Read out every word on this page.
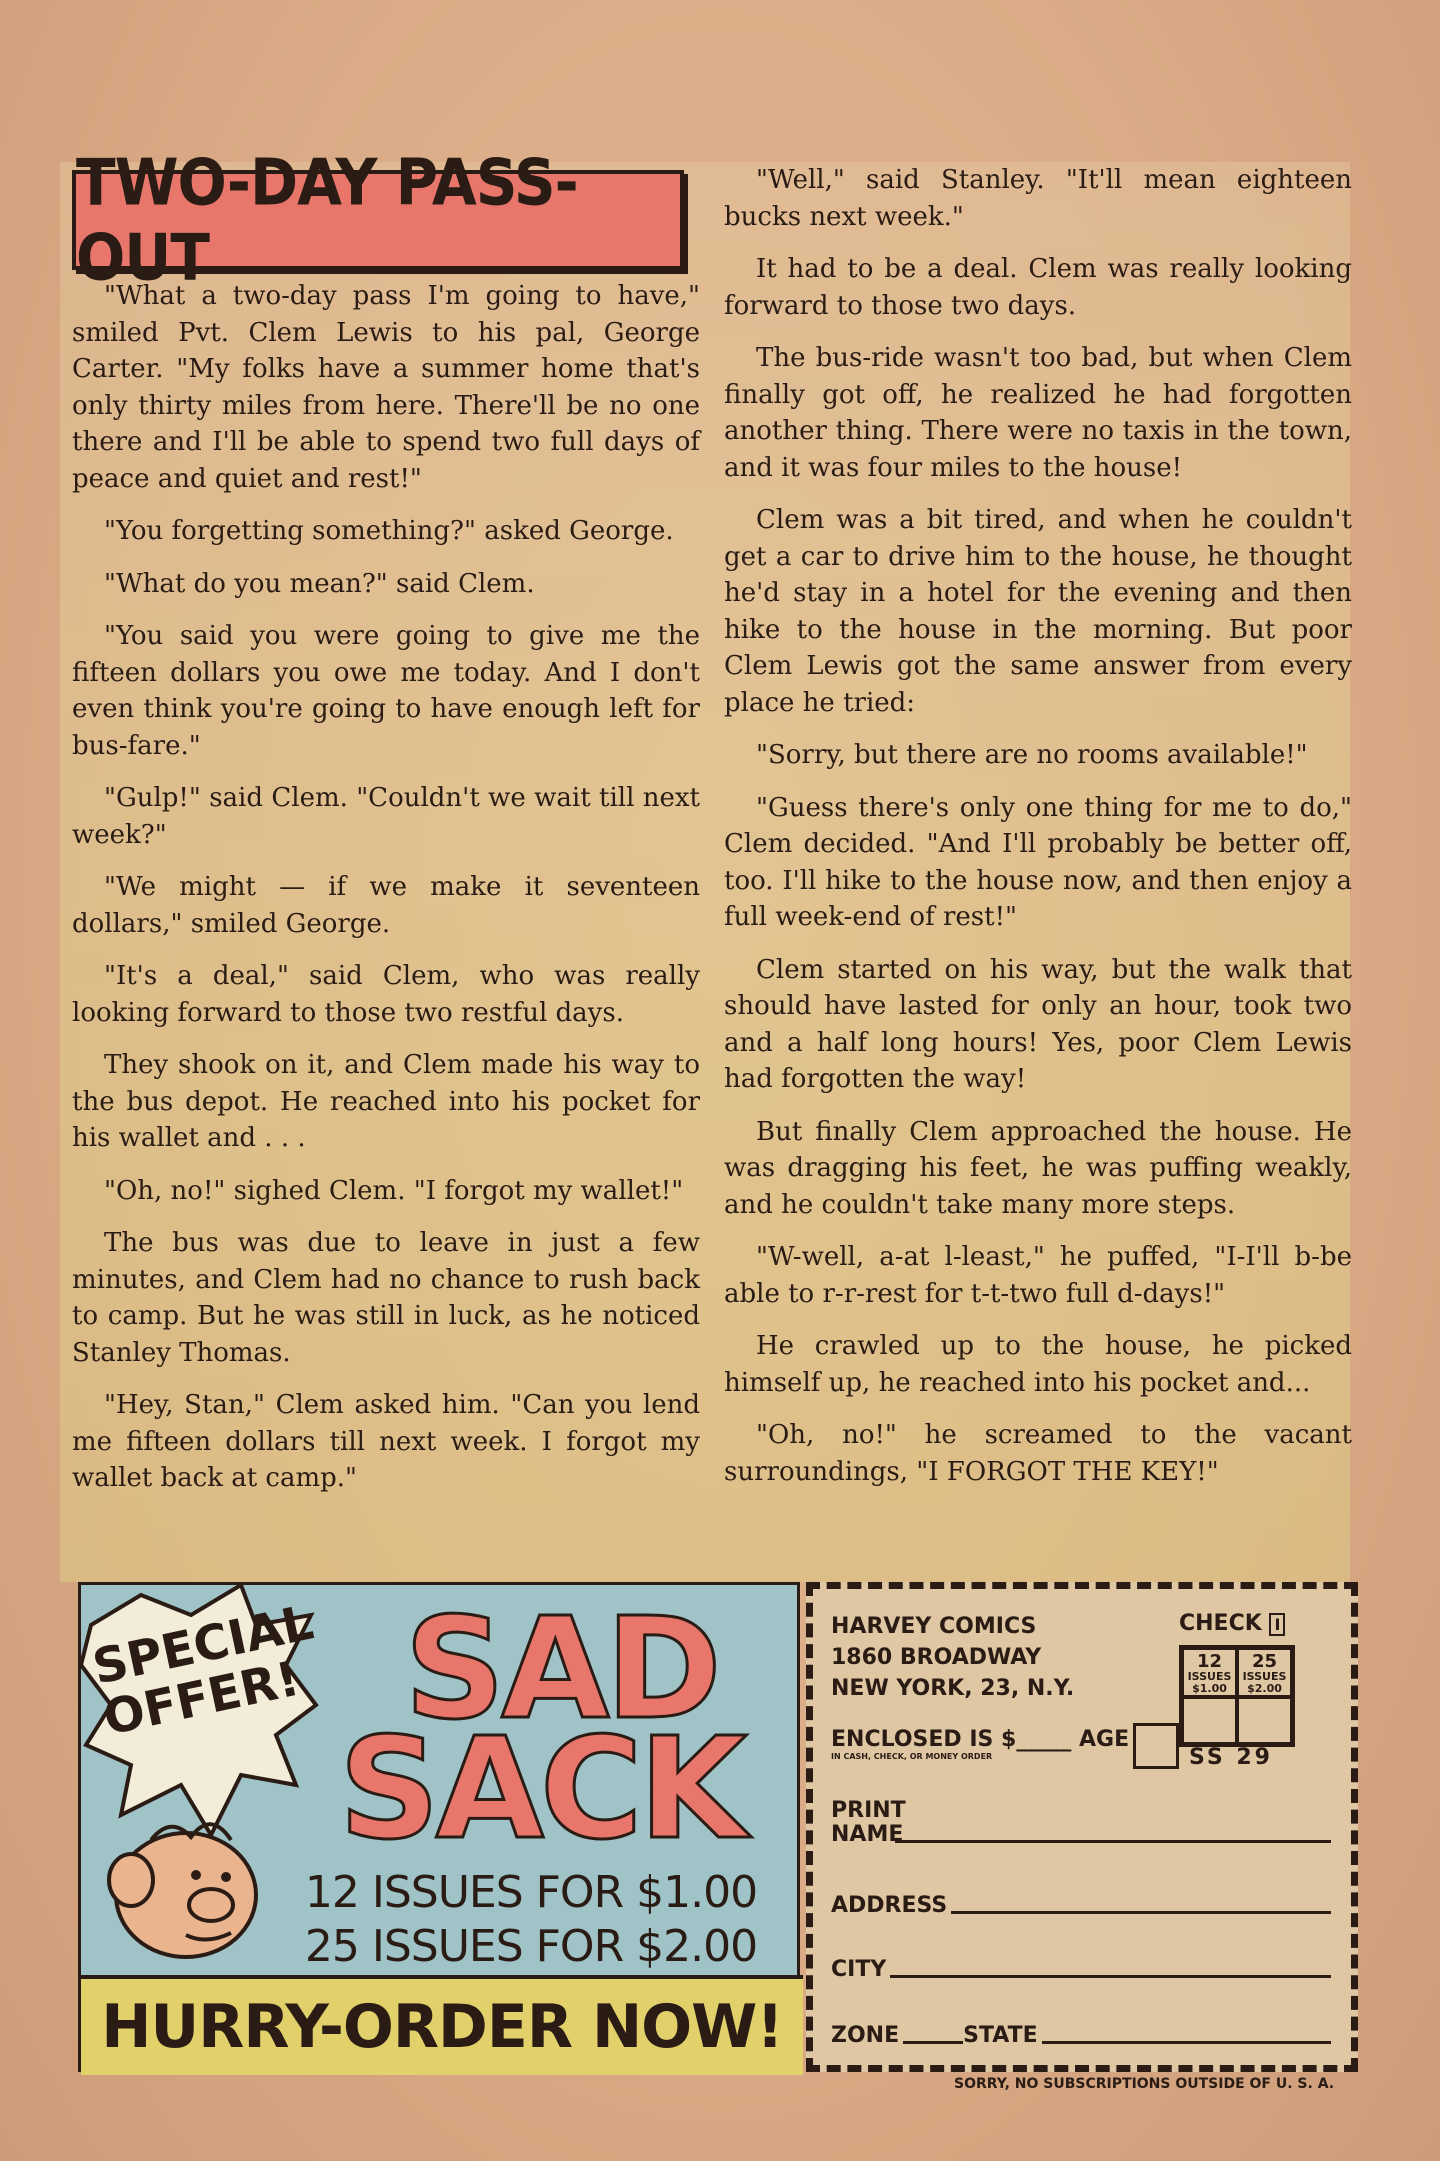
TWO-DAY PASS-OUT

"What a two-day pass I'm going to have," smiled Pvt. Clem Lewis to his pal, George Carter. "My folks have a summer home that's only thirty miles from here. There'll be no one there and I'll be able to spend two full days of peace and quiet and rest!"

"You forgetting something?" asked George.

"What do you mean?" said Clem.

"You said you were going to give me the fifteen dollars you owe me today. And I don't even think you're going to have enough left for bus-fare."

"Gulp!" said Clem. "Couldn't we wait till next week?"

"We might — if we make it seventeen dollars," smiled George.

"It's a deal," said Clem, who was really looking forward to those two restful days.

They shook on it, and Clem made his way to the bus depot. He reached into his pocket for his wallet and . . .

"Oh, no!" sighed Clem. "I forgot my wallet!"

The bus was due to leave in just a few minutes, and Clem had no chance to rush back to camp. But he was still in luck, as he noticed Stanley Thomas.

"Hey, Stan," Clem asked him. "Can you lend me fifteen dollars till next week. I forgot my wallet back at camp."

"Well," said Stanley. "It'll mean eighteen bucks next week."

It had to be a deal. Clem was really looking forward to those two days.

The bus-ride wasn't too bad, but when Clem finally got off, he realized he had forgotten another thing. There were no taxis in the town, and it was four miles to the house!

Clem was a bit tired, and when he couldn't get a car to drive him to the house, he thought he'd stay in a hotel for the evening and then hike to the house in the morning. But poor Clem Lewis got the same answer from every place he tried:

"Sorry, but there are no rooms available!"

"Guess there's only one thing for me to do," Clem decided. "And I'll probably be better off, too. I'll hike to the house now, and then enjoy a full week-end of rest!"

Clem started on his way, but the walk that should have lasted for only an hour, took two and a half long hours! Yes, poor Clem Lewis had forgotten the way!

But finally Clem approached the house. He was dragging his feet, he was puffing weakly, and he couldn't take many more steps.

"W-well, a-at l-least," he puffed, "I-I'll b-be able to r-r-rest for t-t-two full d-days!"

He crawled up to the house, he picked himself up, he reached into his pocket and...

"Oh, no!" he screamed to the vacant surroundings, "I FORGOT THE KEY!"

SPECIAL OFFER! SAD
SACK
12 ISSUES FOR $1.00
25 ISSUES FOR $2.00
HURRY-ORDER NOW!
HARVEY COMICS
1860 BROADWAY
NEW YORK, 23, N.Y.
CHECK I
12
ISSUES
$1.00
25
ISSUES
$2.00
SS 29
ENCLOSED IS $_____ AGE
IN CASH, CHECK, OR MONEY ORDER
PRINT NAME
ADDRESS
CITY
ZONE	STATE
SORRY, NO SUBSCRIPTIONS OUTSIDE OF U. S. A.
